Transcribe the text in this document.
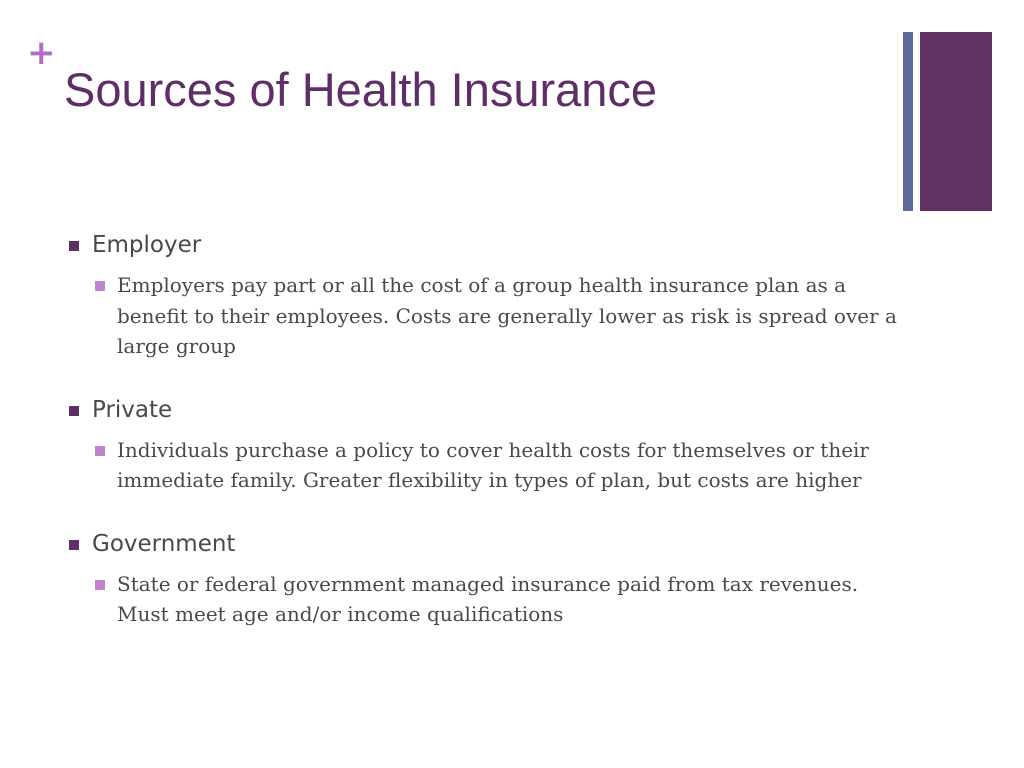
+
Sources of Health Insurance
Employer
Employers pay part or all the cost of a group health insurance plan as a benefit to their employees. Costs are generally lower as risk is spread over a large group
Private
Individuals purchase a policy to cover health costs for themselves or their immediate family. Greater flexibility in types of plan, but costs are higher
Government
State or federal government managed insurance paid from tax revenues. Must meet age and/or income qualifications
